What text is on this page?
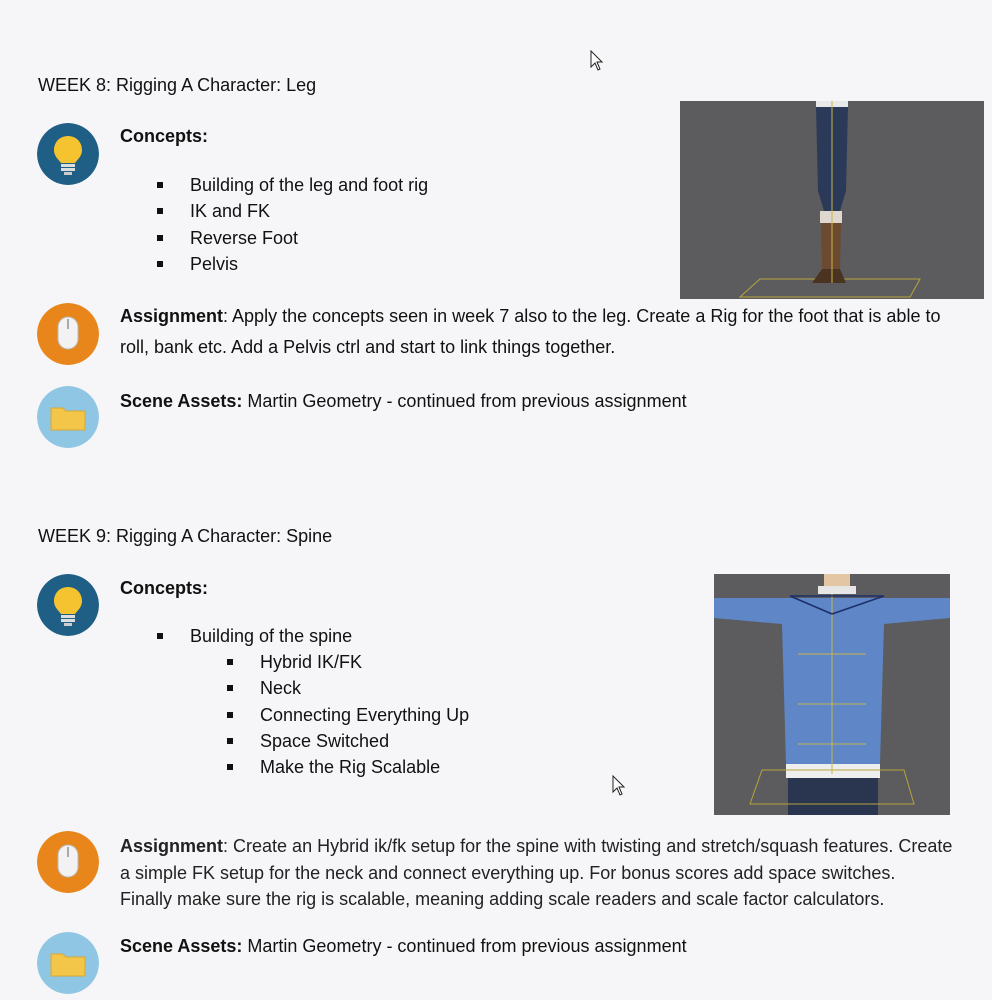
WEEK 8: Rigging A Character: Leg
Concepts:
Building of the leg and foot rig
IK and FK
Reverse Foot
Pelvis
Assignment: Apply the concepts seen in week 7 also to the leg. Create a Rig for the foot that is able to
roll, bank etc. Add a Pelvis ctrl and start to link things together.
Scene Assets: Martin Geometry - continued from previous assignment
WEEK 9: Rigging A Character: Spine
Concepts:
Building of the spine
Hybrid IK/FK
Neck
Connecting Everything Up
Space Switched
Make the Rig Scalable
Assignment: Create an Hybrid ik/fk setup for the spine with twisting and stretch/squash features. Create
a simple FK setup for the neck and connect everything up. For bonus scores add space switches.
Finally make sure the rig is scalable, meaning adding scale readers and scale factor calculators.
Scene Assets: Martin Geometry - continued from previous assignment
